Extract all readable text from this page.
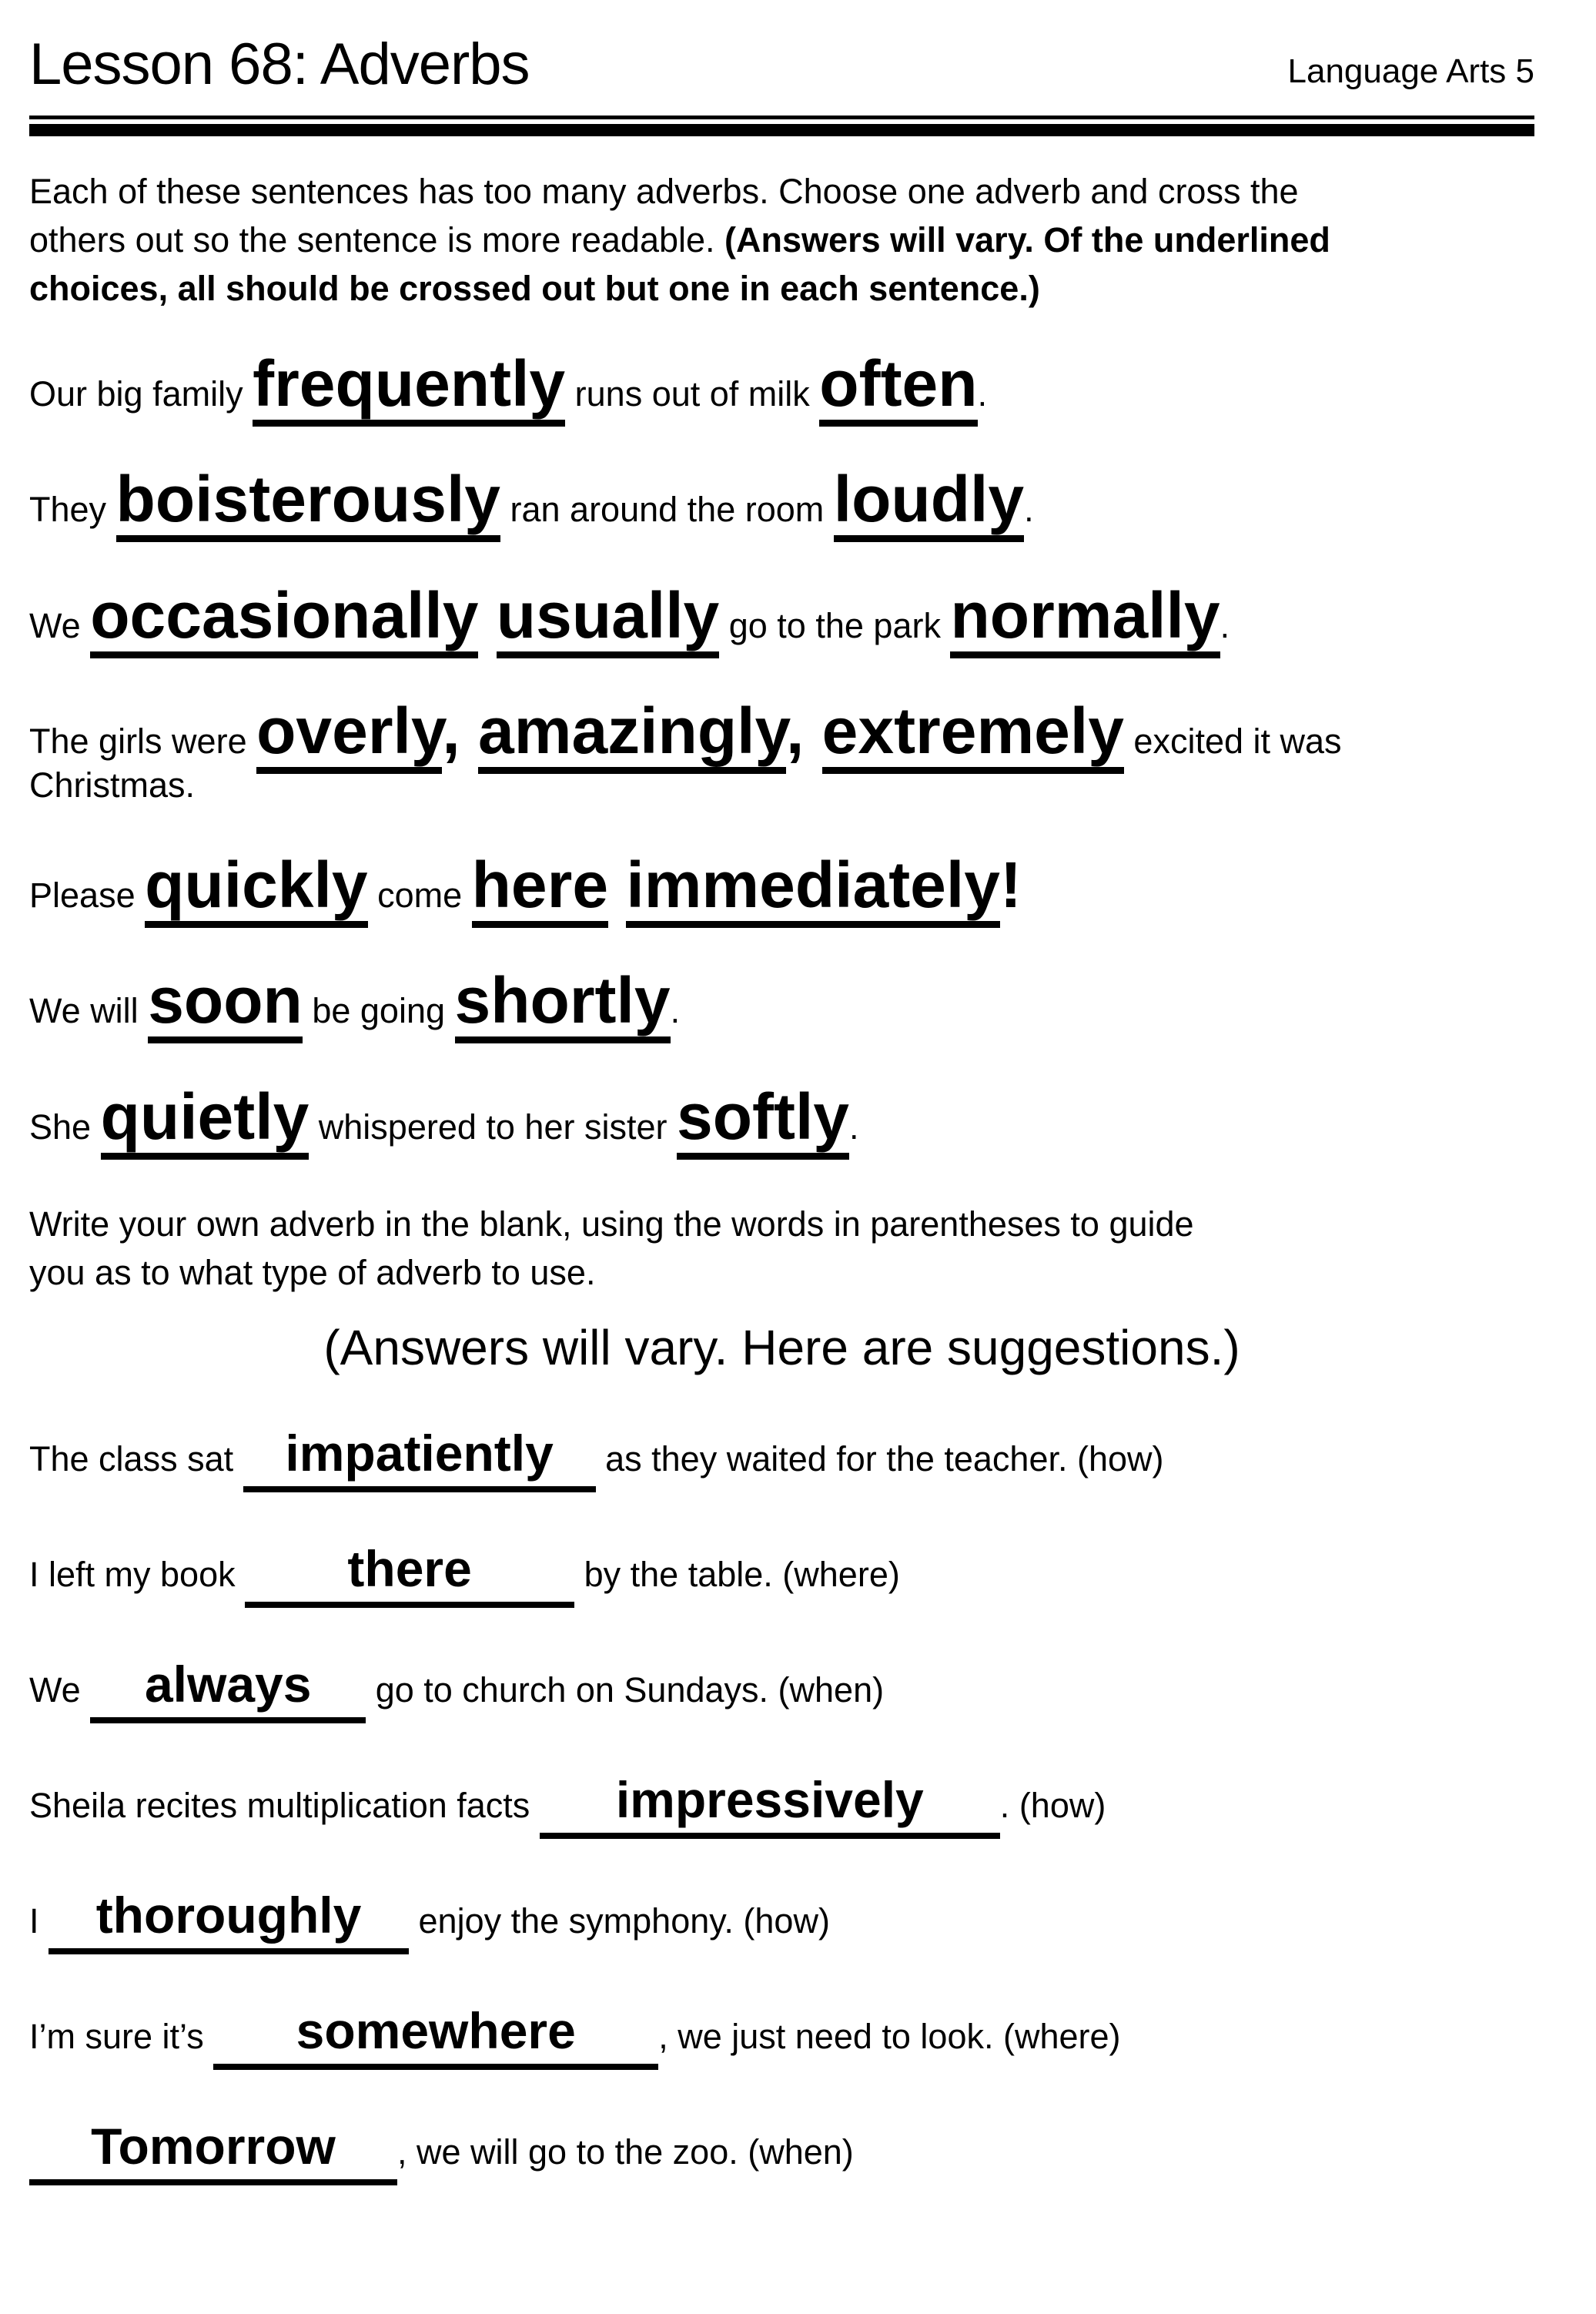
Lesson 68: Adverbs	Language Arts 5

Each of these sentences has too many adverbs. Choose one adverb and cross the
others out so the sentence is more readable. (Answers will vary. Of the underlined
choices, all should be crossed out but one in each sentence.)

Our big family frequently runs out of milk often.
They boisterously ran around the room loudly.
We occasionally usually go to the park normally.
The girls were overly, amazingly, extremely excited it was
Christmas.
Please quickly come here immediately!
We will soon be going shortly.
She quietly whispered to her sister softly.

Write your own adverb in the blank, using the words in parentheses to guide
you as to what type of adverb to use.

(Answers will vary. Here are suggestions.)
The class sat impatiently as they waited for the teacher. (how)
I left my book there	by the table. (where)
We always go to church on Sundays. (when)
Sheila recites multiplication facts impressively . (how)
I thoroughly enjoy the symphony. (how)
I’m sure it’s somewhere , we just need to look. (where)
Tomorrow , we will go to the zoo. (when)
